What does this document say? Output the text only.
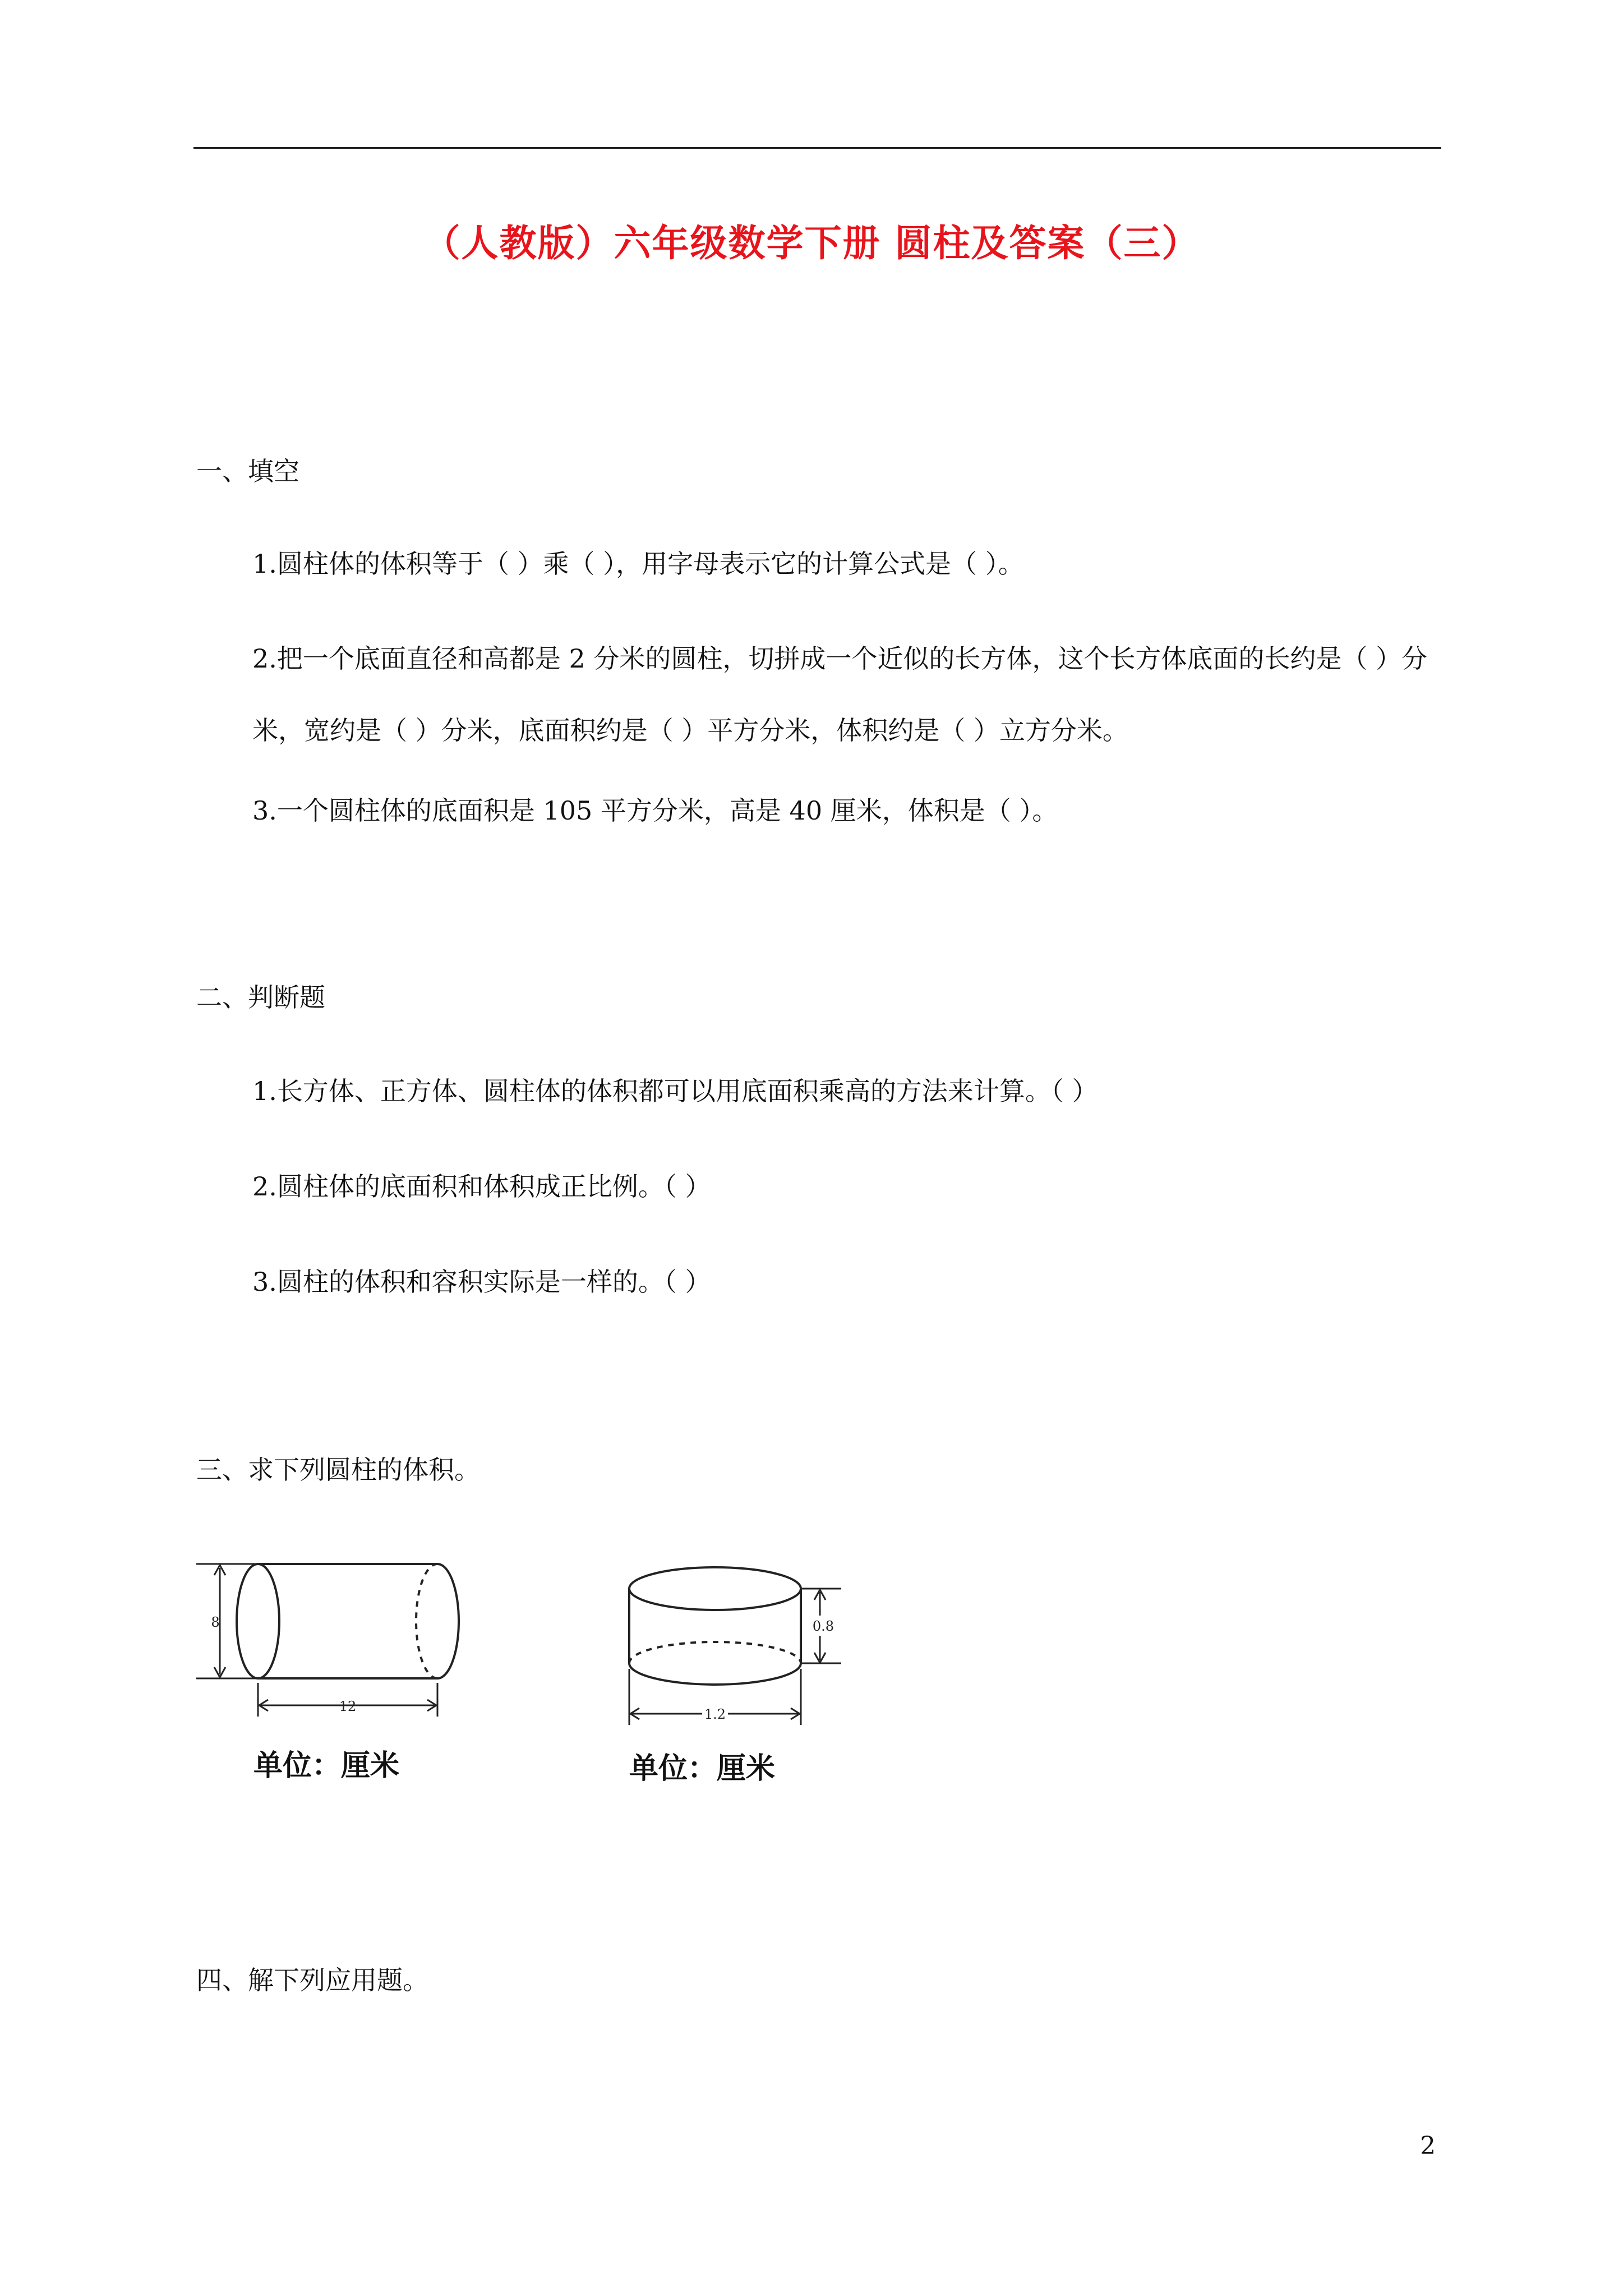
（人教版）六年级数学下册 圆柱及答案（三）
一、填空
1.圆柱体的体积等于（ ）乘（ ），用字母表示它的计算公式是（ ）。
2.把一个底面直径和高都是 2 分米的圆柱，切拼成一个近似的长方体，这个长方体底面的长约是（ ）分米，宽约是（ ）分米，底面积约是（ ）平方分米，体积约是（ ）立方分米。
3.一个圆柱体的底面积是 105 平方分米，高是 40 厘米，体积是（ ）。
二、判断题
1.长方体、正方体、圆柱体的体积都可以用底面积乘高的方法来计算。（ ）
2.圆柱体的底面积和体积成正比例。（ ）
3.圆柱的体积和容积实际是一样的。（ ）
三、求下列圆柱的体积。
8
12
0.8
1.2
单位：厘米	单位：厘米
四、解下列应用题。
2
